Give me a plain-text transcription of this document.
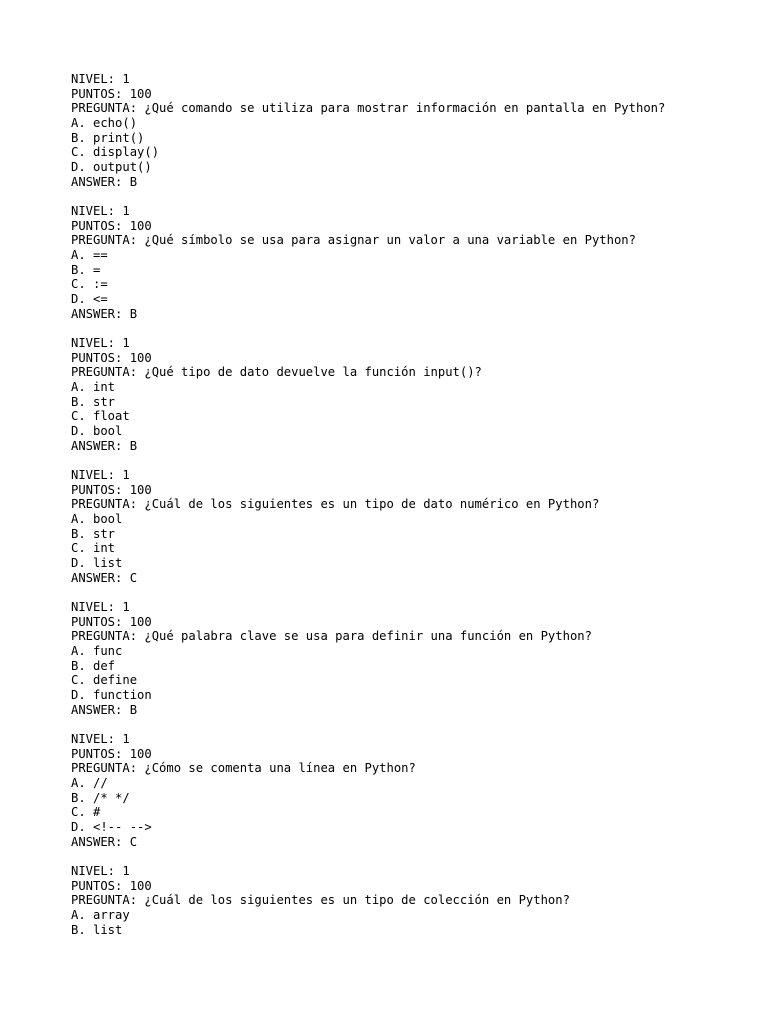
NIVEL: 1
PUNTOS: 100
PREGUNTA: ¿Qué comando se utiliza para mostrar información en pantalla en Python?
A. echo()
B. print()
C. display()
D. output()
ANSWER: B
NIVEL: 1
PUNTOS: 100
PREGUNTA: ¿Qué símbolo se usa para asignar un valor a una variable en Python?
A. ==
B. =
C. :=
D. <=
ANSWER: B
NIVEL: 1
PUNTOS: 100
PREGUNTA: ¿Qué tipo de dato devuelve la función input()?
A. int
B. str
C. float
D. bool
ANSWER: B
NIVEL: 1
PUNTOS: 100
PREGUNTA: ¿Cuál de los siguientes es un tipo de dato numérico en Python?
A. bool
B. str
C. int
D. list
ANSWER: C
NIVEL: 1
PUNTOS: 100
PREGUNTA: ¿Qué palabra clave se usa para definir una función en Python?
A. func
B. def
C. define
D. function
ANSWER: B
NIVEL: 1
PUNTOS: 100
PREGUNTA: ¿Cómo se comenta una línea en Python?
A. //
B. /* */
C. #
D. <!-- -->
ANSWER: C
NIVEL: 1
PUNTOS: 100
PREGUNTA: ¿Cuál de los siguientes es un tipo de colección en Python?
A. array
B. list
